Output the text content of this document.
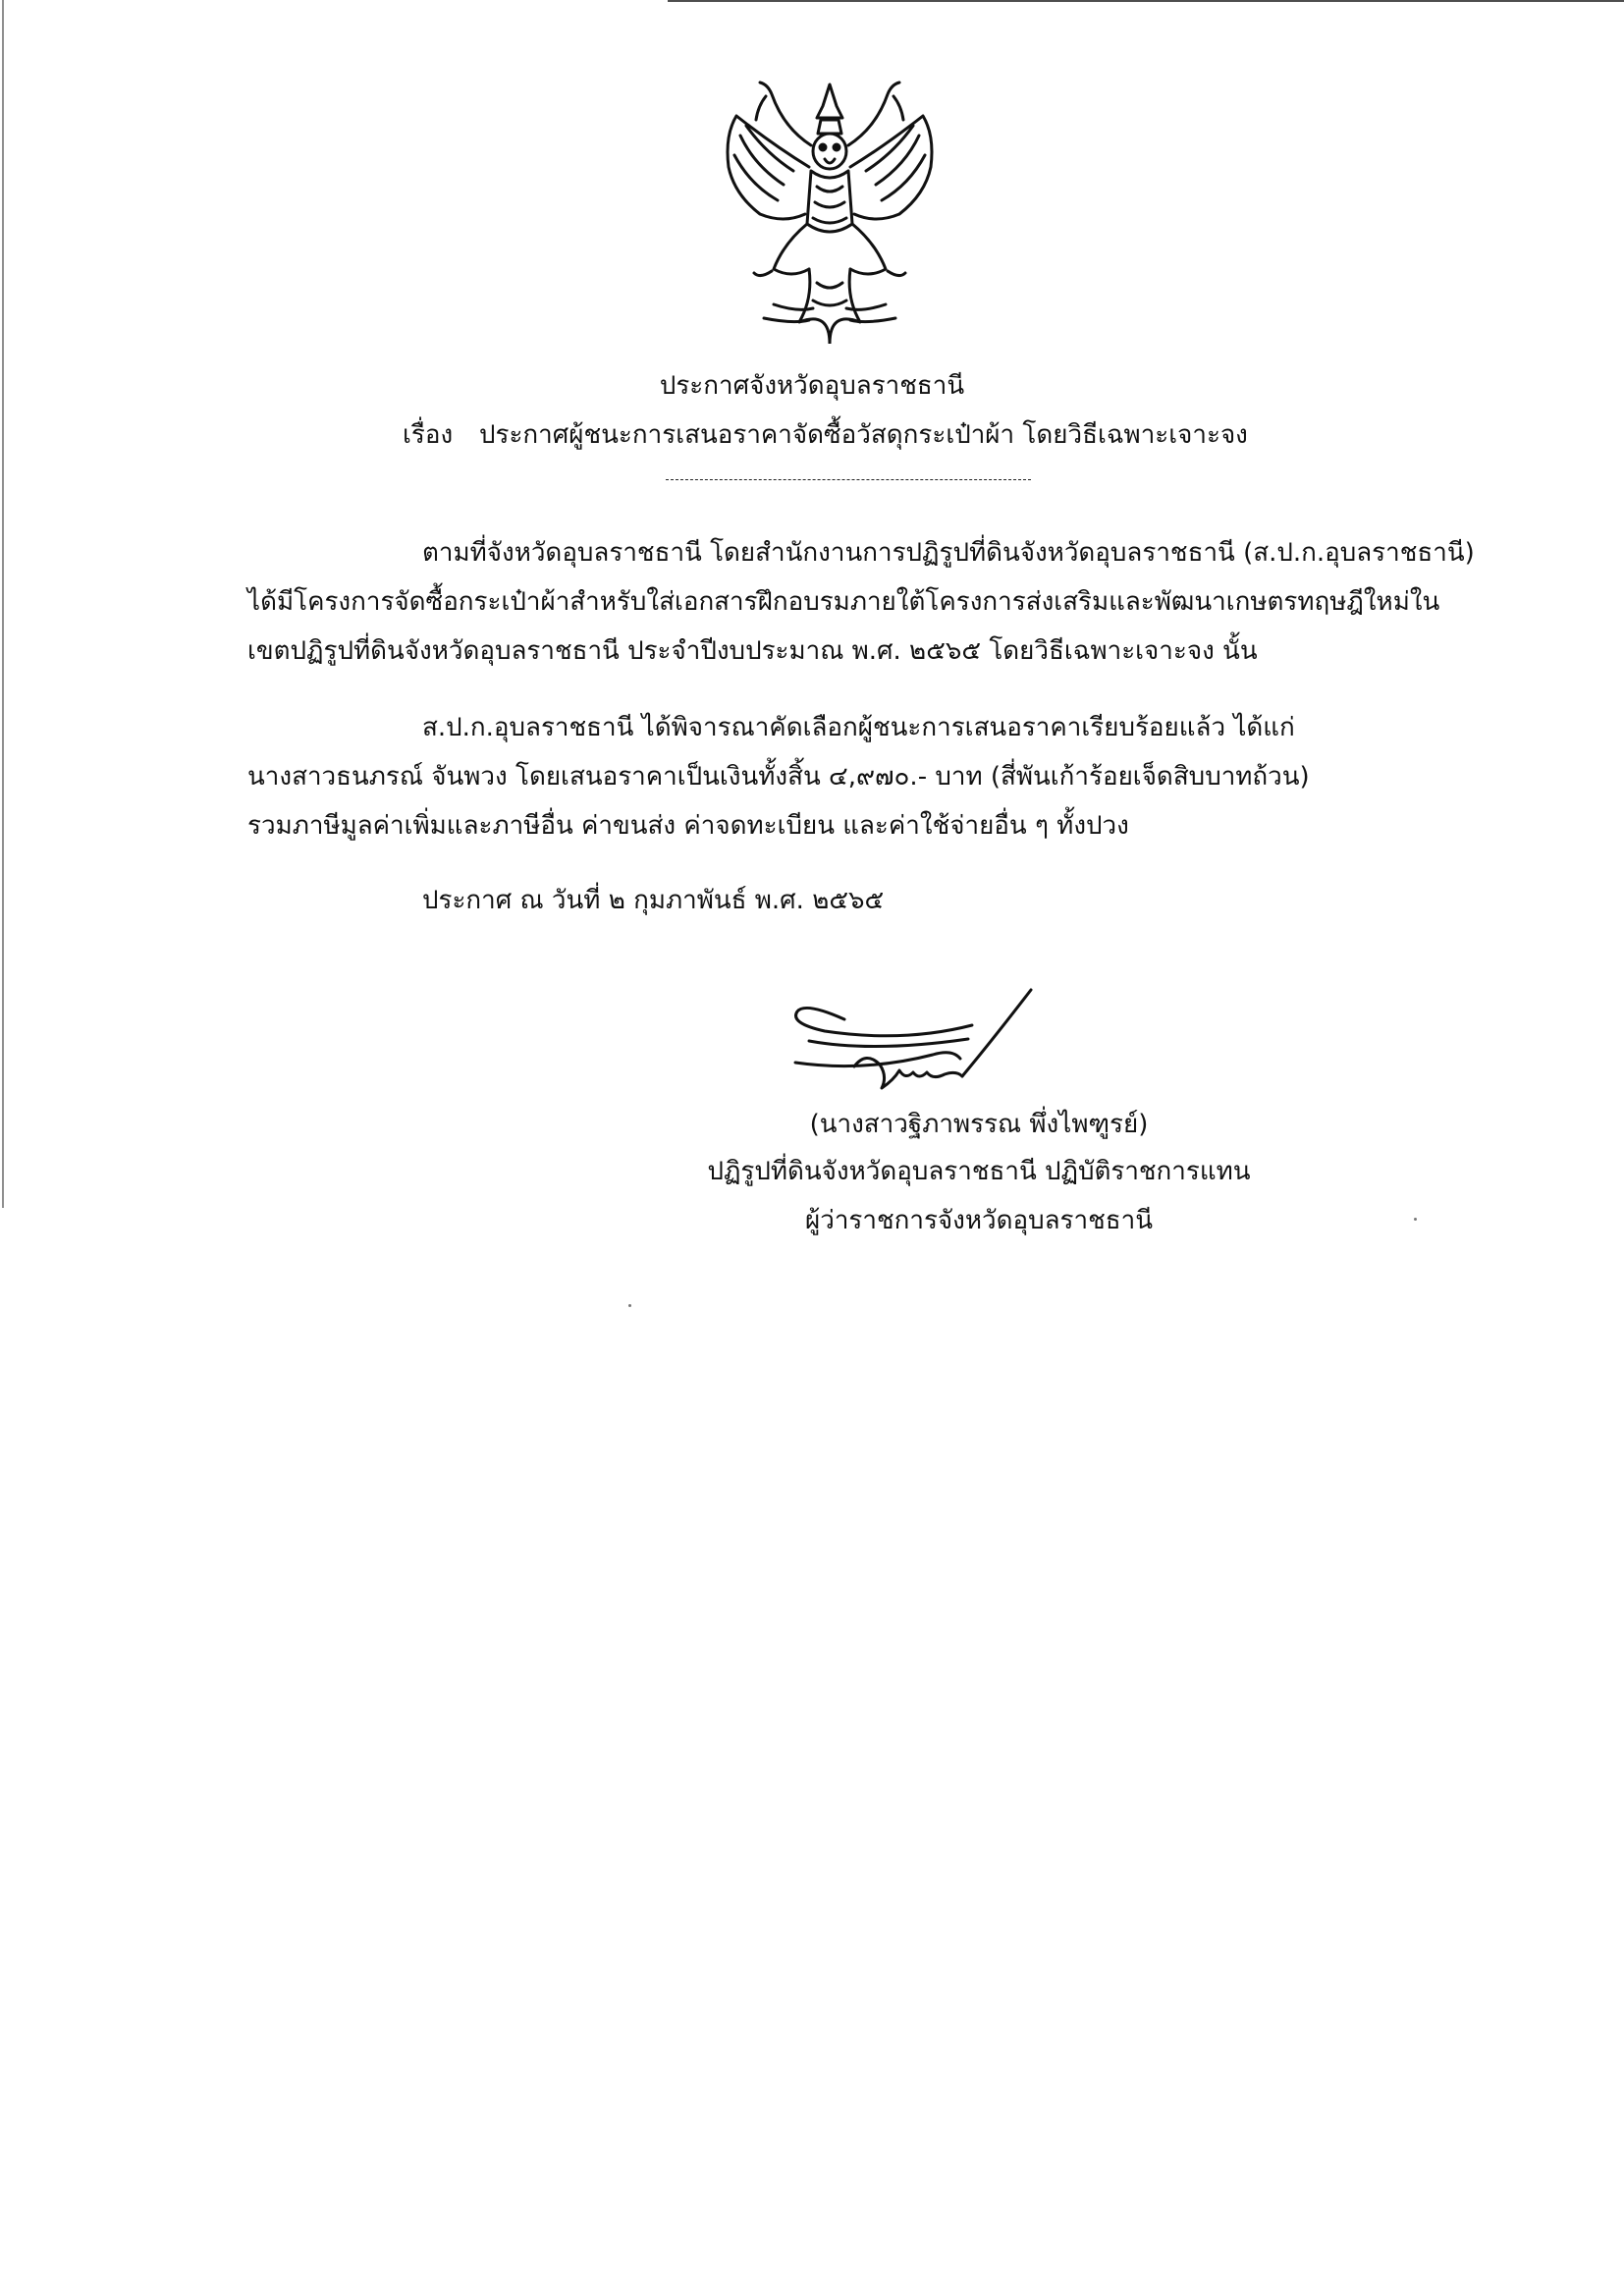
ประกาศจังหวัดอุบลราชธานี
เรื่อง ประกาศผู้ชนะการเสนอราคาจัดซื้อวัสดุกระเป๋าผ้า โดยวิธีเฉพาะเจาะจง
ตามที่จังหวัดอุบลราชธานี โดยสำนักงานการปฏิรูปที่ดินจังหวัดอุบลราชธานี (ส.ป.ก.อุบลราชธานี)
ได้มีโครงการจัดซื้อกระเป๋าผ้าสำหรับใส่เอกสารฝึกอบรมภายใต้โครงการส่งเสริมและพัฒนาเกษตรทฤษฎีใหม่ใน
เขตปฏิรูปที่ดินจังหวัดอุบลราชธานี ประจำปีงบประมาณ พ.ศ. ๒๕๖๕ โดยวิธีเฉพาะเจาะจง นั้น
ส.ป.ก.อุบลราชธานี ได้พิจารณาคัดเลือกผู้ชนะการเสนอราคาเรียบร้อยแล้ว ได้แก่
นางสาวธนภรณ์ จันพวง โดยเสนอราคาเป็นเงินทั้งสิ้น ๔,๙๗๐.- บาท (สี่พันเก้าร้อยเจ็ดสิบบาทถ้วน)
รวมภาษีมูลค่าเพิ่มและภาษีอื่น ค่าขนส่ง ค่าจดทะเบียน และค่าใช้จ่ายอื่น ๆ ทั้งปวง
ประกาศ ณ วันที่ ๒ กุมภาพันธ์ พ.ศ. ๒๕๖๕
(นางสาวฐิภาพรรณ พึ่งไพฑูรย์)
ปฏิรูปที่ดินจังหวัดอุบลราชธานี ปฏิบัติราชการแทน
ผู้ว่าราชการจังหวัดอุบลราชธานี
